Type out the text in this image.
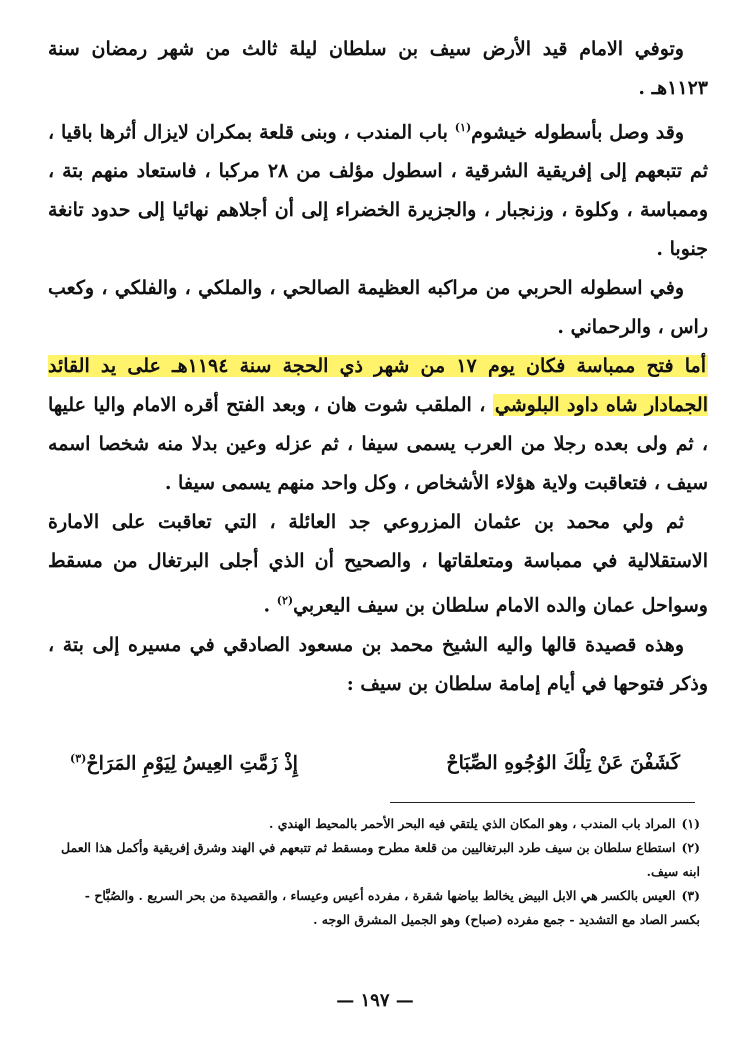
وتوفي الامام قيد الأرض سيف بن سلطان ليلة ثالث من شهر رمضان سنة ١١٢٣هـ .

وقد وصل بأسطوله خيشوم$^{(١)}$ باب المندب ، وبنى قلعة بمكران لايزال أثرها باقيا ، ثم تتبعهم إلى إفريقية الشرقية ، اسطول مؤلف من ٢٨ مركبا ، فاستعاد منهم بتة ، وممباسة ، وكلوة ، وزنجبار ، والجزيرة الخضراء إلى أن أجلاهم نهائيا إلى حدود تانغة جنوبا .

وفي اسطوله الحربي من مراكبه العظيمة الصالحي ، والملكي ، والفلكي ، وكعب راس ، والرحماني .

أما فتح ممباسة فكان يوم ١٧ من شهر ذي الحجة سنة ١١٩٤هـ على يد القائد الجمادار شاه داود البلوشي ، الملقب شوت هان ، وبعد الفتح أقره الامام واليا عليها ، ثم ولى بعده رجلا من العرب يسمى سيفا ، ثم عزله وعين بدلا منه شخصا اسمه سيف ، فتعاقبت ولاية هؤلاء الأشخاص ، وكل واحد منهم يسمى سيفا .

ثم ولي محمد بن عثمان المزروعي جد العائلة ، التي تعاقبت على الامارة الاستقلالية في ممباسة ومتعلقاتها ، والصحيح أن الذي أجلى البرتغال من مسقط وسواحل عمان والده الامام سلطان بن سيف اليعربي$^{(٢)}$ .

وهذه قصيدة قالها واليه الشيخ محمد بن مسعود الصادقي في مسيره إلى بتة ، وذكر فتوحها في أيام إمامة سلطان بن سيف :

كَشَفْنَ عَنْ تِلْكَ الوُجُوهِ الصِّبَاحْ
إِذْ زَمَّتِ العِيسُ لِيَوْمِ المَرَاحْ$^{(٣)}$

(١)المراد باب المندب ، وهو المكان الذي يلتقي فيه البحر الأحمر بالمحيط الهندي .

(٢)استطاع سلطان بن سيف طرد البرتغاليين من قلعة مطرح ومسقط ثم تتبعهم في الهند وشرق إفريقية وأكمل هذا العمل ابنه سيف.

(٣)العيس بالكسر هي الابل البيض يخالط بياضها شقرة ، مفرده أعيس وعيساء ، والقصيدة من بحر السريع . والصُبَّاح - بكسر الصاد مع التشديد - جمع مفرده (صباح) وهو الجميل المشرق الوجه .

— ١٩٧ —
